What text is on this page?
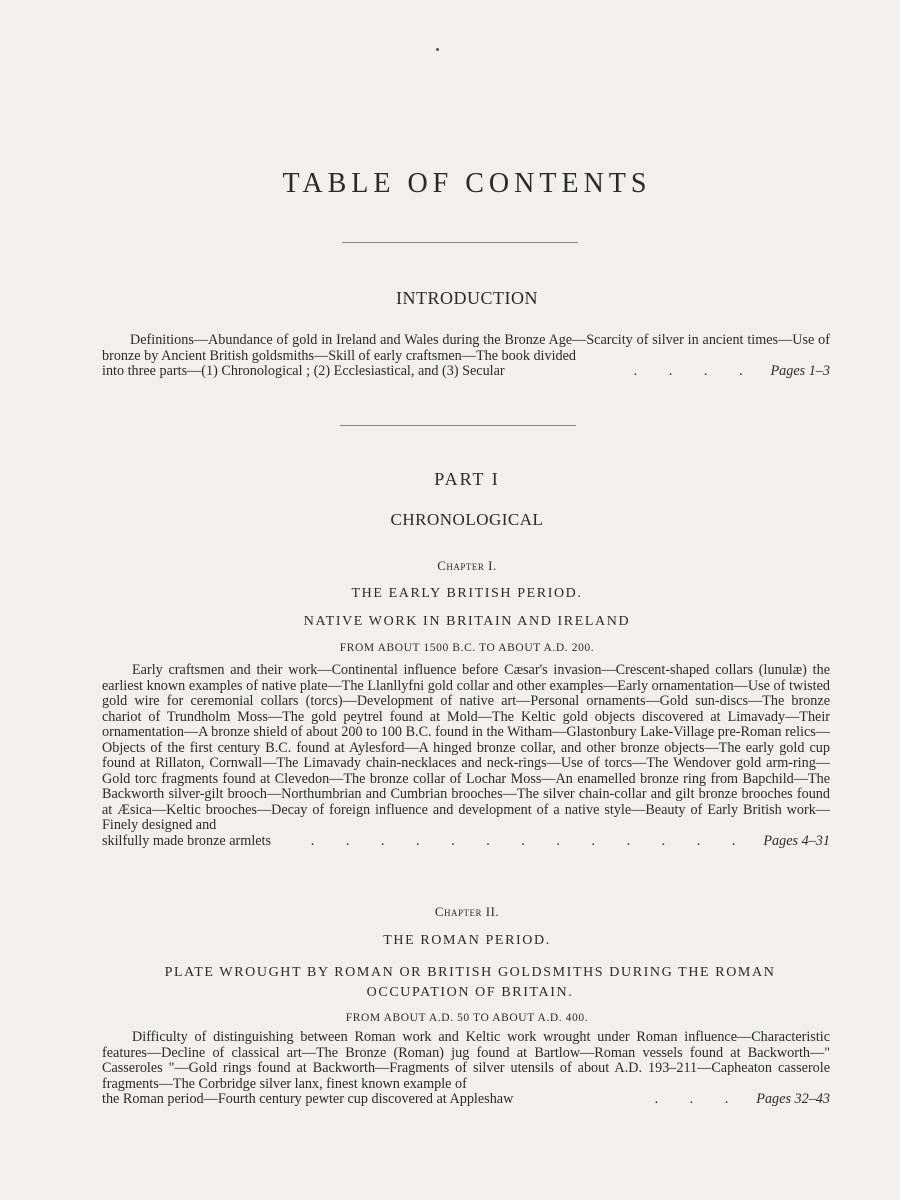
TABLE OF CONTENTS
INTRODUCTION
Definitions—Abundance of gold in Ireland and Wales during the Bronze Age—Scarcity of silver in ancient times—Use of bronze by Ancient British goldsmiths—Skill of early craftsmen—The book divided
into three parts—(1) Chronological ; (2) Ecclesiastical, and (3) Secular	. . . . Pages 1–3
PART I
CHRONOLOGICAL
Chapter I.
THE EARLY BRITISH PERIOD.
NATIVE WORK IN BRITAIN AND IRELAND
FROM ABOUT 1500 B.C. TO ABOUT A.D. 200.
Early craftsmen and their work—Continental influence before Cæsar's invasion—Crescent-shaped collars (lunulæ) the earliest known examples of native plate—The Llanllyfni gold collar and other examples—Early ornamentation—Use of twisted gold wire for ceremonial collars (torcs)—Development of native art—Personal ornaments—Gold sun-discs—The bronze chariot of Trundholm Moss—The gold peytrel found at Mold—The Keltic gold objects discovered at Limavady—Their ornamentation—A bronze shield of about 200 to 100 B.C. found in the Witham—Glastonbury Lake-Village pre-Roman relics—Objects of the first century B.C. found at Aylesford—A hinged bronze collar, and other bronze objects—The early gold cup found at Rillaton, Cornwall—The Limavady chain-necklaces and neck-rings—Use of torcs—The Wendover gold arm-ring—Gold torc fragments found at Clevedon—The bronze collar of Lochar Moss—An enamelled bronze ring from Bapchild—The Backworth silver-gilt brooch—Northumbrian and Cumbrian brooches—The silver chain-collar and gilt bronze brooches found at Æsica—Keltic brooches—Decay of foreign influence and development of a native style—Beauty of Early British work—Finely designed and
skilfully made bronze armlets	. . . . . . . . . . . . . Pages 4–31
Chapter II.
THE ROMAN PERIOD.
PLATE WROUGHT BY ROMAN OR BRITISH GOLDSMITHS DURING THE ROMAN OCCUPATION OF BRITAIN.
FROM ABOUT A.D. 50 TO ABOUT A.D. 400.
Difficulty of distinguishing between Roman work and Keltic work wrought under Roman influence—Characteristic features—Decline of classical art—The Bronze (Roman) jug found at Bartlow—Roman vessels found at Backworth—" Casseroles "—Gold rings found at Backworth—Fragments of silver utensils of about A.D. 193–211—Capheaton casserole fragments—The Corbridge silver lanx, finest known example of
the Roman period—Fourth century pewter cup discovered at Appleshaw	. . . Pages 32–43
